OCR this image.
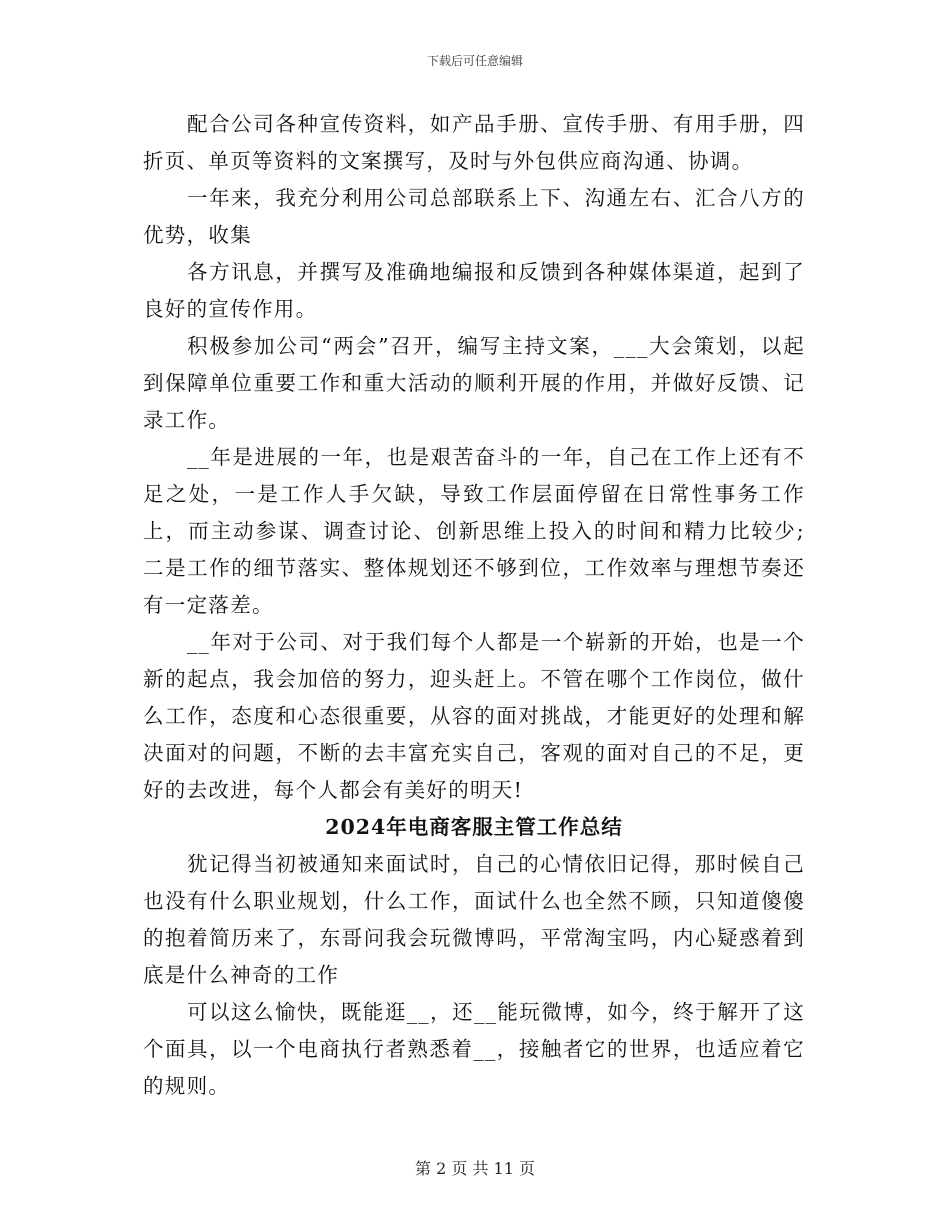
下载后可任意编辑

配合公司各种宣传资料，如产品手册、宣传手册、有用手册，四折页、单页等资料的文案撰写，及时与外包供应商沟通、协调。

一年来，我充分利用公司总部联系上下、沟通左右、汇合八方的优势，收集

各方讯息，并撰写及准确地编报和反馈到各种媒体渠道，起到了良好的宣传作用。

积极参加公司“两会”召开，编写主持文案，___大会策划，以起到保障单位重要工作和重大活动的顺利开展的作用，并做好反馈、记录工作。

__年是进展的一年，也是艰苦奋斗的一年，自己在工作上还有不足之处，一是工作人手欠缺，导致工作层面停留在日常性事务工作上，而主动参谋、调查讨论、创新思维上投入的时间和精力比较少;二是工作的细节落实、整体规划还不够到位，工作效率与理想节奏还有一定落差。

__年对于公司、对于我们每个人都是一个崭新的开始，也是一个新的起点，我会加倍的努力，迎头赶上。不管在哪个工作岗位，做什么工作，态度和心态很重要，从容的面对挑战，才能更好的处理和解决面对的问题，不断的去丰富充实自己，客观的面对自己的不足，更好的去改进，每个人都会有美好的明天!

2024年电商客服主管工作总结

犹记得当初被通知来面试时，自己的心情依旧记得，那时候自己也没有什么职业规划，什么工作，面试什么也全然不顾，只知道傻傻的抱着简历来了，东哥问我会玩微博吗，平常淘宝吗，内心疑惑着到底是什么神奇的工作

可以这么愉快，既能逛__，还__能玩微博，如今，终于解开了这个面具，以一个电商执行者熟悉着__，接触者它的世界，也适应着它的规则。

第 2 页 共 11 页
